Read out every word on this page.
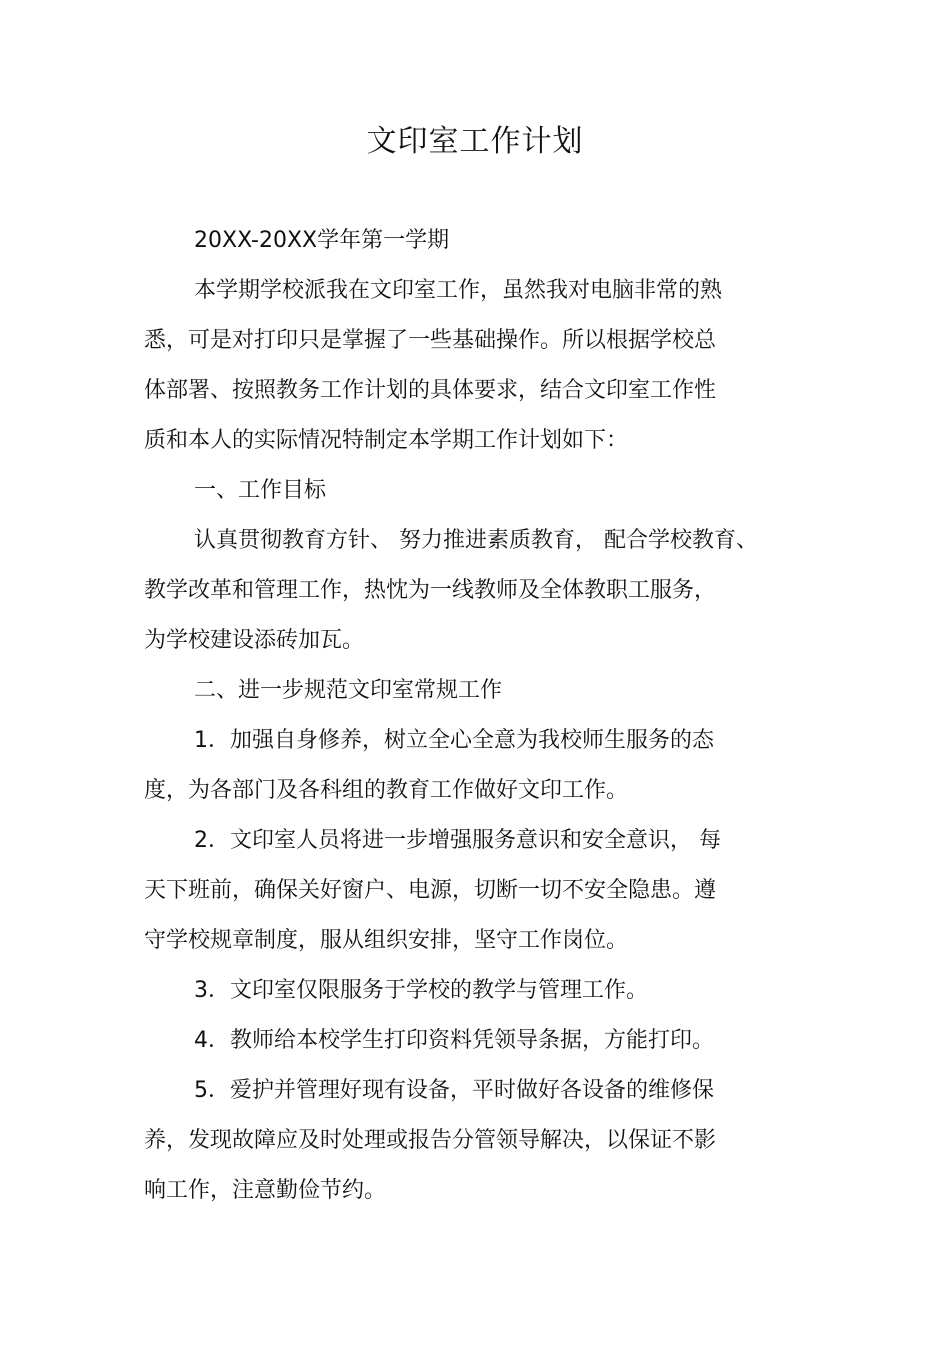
文印室工作计划
20XX-20XX学年第一学期
本学期学校派我在文印室工作，虽然我对电脑非常的熟
悉，可是对打印只是掌握了一些基础操作。所以根据学校总
体部署、按照教务工作计划的具体要求，结合文印室工作性
质和本人的实际情况特制定本学期工作计划如下：
一、工作目标
认真贯彻教育方针、 努力推进素质教育， 配合学校教育、
教学改革和管理工作，热忱为一线教师及全体教职工服务，
为学校建设添砖加瓦。
二、进一步规范文印室常规工作
1．加强自身修养，树立全心全意为我校师生服务的态
度，为各部门及各科组的教育工作做好文印工作。
2．文印室人员将进一步增强服务意识和安全意识， 每
天下班前，确保关好窗户、电源，切断一切不安全隐患。遵
守学校规章制度，服从组织安排，坚守工作岗位。
3．文印室仅限服务于学校的教学与管理工作。
4．教师给本校学生打印资料凭领导条据，方能打印。
5．爱护并管理好现有设备，平时做好各设备的维修保
养，发现故障应及时处理或报告分管领导解决，以保证不影
响工作，注意勤俭节约。
